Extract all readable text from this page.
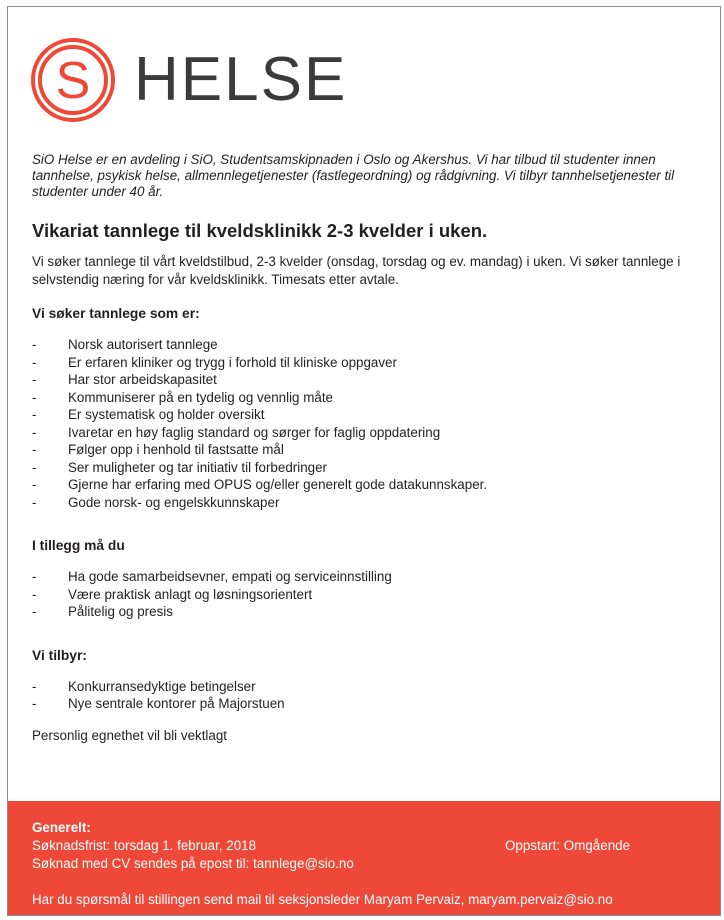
S HELSE

SiO Helse er en avdeling i SiO, Studentsamskipnaden i Oslo og Akershus. Vi har tilbud til studenter innen tannhelse, psykisk helse, allmennlegetjenester (fastlegeordning) og rådgivning. Vi tilbyr tannhelsetjenester til studenter under 40 år.

Vikariat tannlege til kveldsklinikk 2-3 kvelder i uken.

Vi søker tannlege til vårt kveldstilbud, 2-3 kvelder (onsdag, torsdag og ev. mandag) i uken. Vi søker tannlege i selvstendig næring for vår kveldsklinikk. Timesats etter avtale.

Vi søker tannlege som er:
-	Norsk autorisert tannlege
-	Er erfaren kliniker og trygg i forhold til kliniske oppgaver
-	Har stor arbeidskapasitet
-	Kommuniserer på en tydelig og vennlig måte
-	Er systematisk og holder oversikt
-	Ivaretar en høy faglig standard og sørger for faglig oppdatering
-	Følger opp i henhold til fastsatte mål
-	Ser muligheter og tar initiativ til forbedringer
-	Gjerne har erfaring med OPUS og/eller generelt gode datakunnskaper.
-	Gode norsk- og engelskkunnskaper
I tillegg må du
-	Ha gode samarbeidsevner, empati og serviceinnstilling
-	Være praktisk anlagt og løsningsorientert
-	Pålitelig og presis
Vi tilbyr:
-	Konkurransedyktige betingelser
-	Nye sentrale kontorer på Majorstuen

Personlig egnethet vil bli vektlagt

Generelt:
Søknadsfrist: torsdag 1. februar, 2018	Oppstart: Omgående
Søknad med CV sendes på epost til: tannlege@sio.no
Har du spørsmål til stillingen send mail til seksjonsleder Maryam Pervaiz, maryam.pervaiz@sio.no
